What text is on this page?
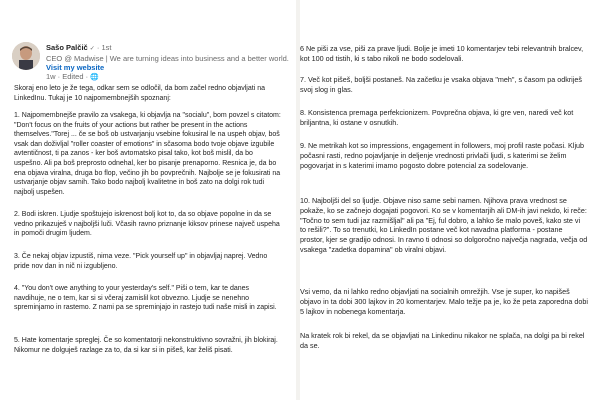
Sašo Palčič ✓ · 1st
CEO @ Madwise | We are turning ideas into business and a better world.
Visit my website
1w · Edited · 🌐

Skoraj eno leto je že tega, odkar sem se odločil, da bom začel redno objavljati na LinkedInu. Tukaj je 10 najpomembnejših spoznanj:

1. Najpomembnejše pravilo za vsakega, ki objavlja na "socialu", bom povzel s citatom: "Don't focus on the fruits of your actions but rather be present in the actions themselves."Torej ... če se boš ob ustvarjanju vsebine fokusiral le na uspeh objav, boš vsak dan doživljal "roller coaster of emotions" in sčasoma bodo tvoje objave izgubile avtentičnost, ti pa zanos - ker boš avtomatsko pisal tako, kot boš mislil, da bo uspešno. Ali pa boš preprosto odnehal, ker bo pisanje prenaporno. Resnica je, da bo ena objava viralna, druga bo flop, večino jih bo povprečnih. Najbolje se je fokusirati na ustvarjanje objav samih. Tako bodo najbolj kvalitetne in boš zato na dolgi rok tudi najbolj uspešen.

2. Bodi iskren. Ljudje spoštujejo iskrenost bolj kot to, da so objave popolne in da se vedno prikazuješ v najboljši luči. Včasih ravno priznanje kiksov prinese največ uspeha in pomoči drugim ljudem.

3. Če nekaj objav izpustiš, nima veze. "Pick yourself up" in objavljaj naprej. Vedno pride nov dan in nič ni izgubljeno.

4. "You don't owe anything to your yesterday's self." Piši o tem, kar te danes navdihuje, ne o tem, kar si si včeraj zamislil kot obvezno. Ljudje se nenehno spreminjamo in rastemo. Z nami pa se spreminjajo in rastejo tudi naše misli in zapisi.

5. Hate komentarje spreglej. Če so komentatorji nekonstruktivno sovražni, jih blokiraj. Nikomur ne dolguješ razlage za to, da si kar si in pišeš, kar želiš pisati.

6 Ne piši za vse, piši za prave ljudi. Bolje je imeti 10 komentarjev tebi relevantnih bralcev, kot 100 od tistih, ki s tabo nikoli ne bodo sodelovali.

7. Več kot pišeš, boljši postaneš. Na začetku je vsaka objava "meh", s časom pa odkriješ svoj slog in glas.

8. Konsistenca premaga perfekcionizem. Povprečna objava, ki gre ven, naredi več kot briljantna, ki ostane v osnutkih.

9. Ne metrikah kot so impressions, engagement in followers, moj profil raste počasi. Kljub počasni rasti, redno pojavljanje in deljenje vrednosti privlači ljudi, s katerimi se želim pogovarjat in s katerimi imamo pogosto dobre potencial za sodelovanje.

10. Najboljši del so ljudje. Objave niso same sebi namen. Njihova prava vrednost se pokaže, ko se začnejo dogajati pogovori. Ko se v komentarjih ali DM-ih javi nekdo, ki reče: "Točno to sem tudi jaz razmišljal" ali pa "Ej, ful dobro, a lahko še malo poveš, kako ste vi to rešili?". To so trenutki, ko LinkedIn postane več kot navadna platforma - postane prostor, kjer se gradijo odnosi. In ravno ti odnosi so dolgoročno največja nagrada, večja od vsakega "zadetka dopamina" ob viralni objavi.

Vsi vemo, da ni lahko redno objavljati na socialnih omrežjih. Vse je super, ko napišeš objavo in ta dobi 300 lajkov in 20 komentarjev. Malo težje pa je, ko že peta zaporedna dobi 5 lajkov in nobenega komentarja.

Na kratek rok bi rekel, da se objavljati na Linkedinu nikakor ne splača, na dolgi pa bi rekel da se.
